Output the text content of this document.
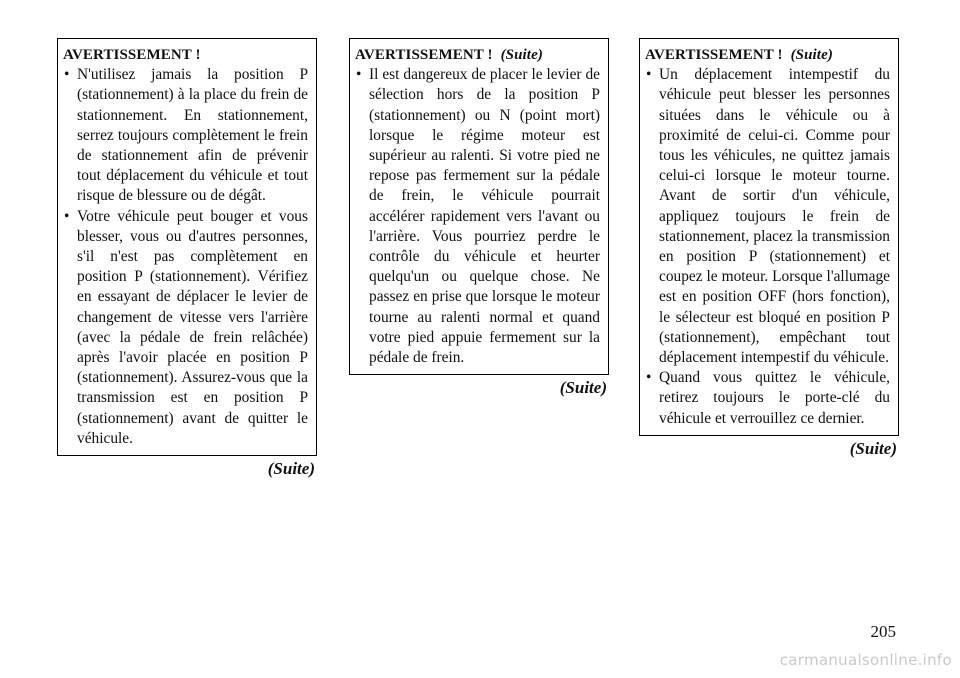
AVERTISSEMENT !
• N'utilisez jamais la position P (stationnement) à la place du frein de stationnement. En stationnement, serrez toujours complètement le frein de stationnement afin de prévenir tout déplacement du véhicule et tout risque de blessure ou de dégât.
• Votre véhicule peut bouger et vous blesser, vous ou d'autres personnes, s'il n'est pas complètement en position P (stationnement). Vérifiez en essayant de déplacer le levier de changement de vitesse vers l'arrière (avec la pédale de frein relâchée) après l'avoir placée en position P (stationnement). Assurez-vous que la transmission est en position P (stationnement) avant de quitter le véhicule.
(Suite)
AVERTISSEMENT ! (Suite)
• Il est dangereux de placer le levier de sélection hors de la position P (stationnement) ou N (point mort) lorsque le régime moteur est supérieur au ralenti. Si votre pied ne repose pas fermement sur la pédale de frein, le véhicule pourrait accélérer rapidement vers l'avant ou l'arrière. Vous pourriez perdre le contrôle du véhicule et heurter quelqu'un ou quelque chose. Ne passez en prise que lorsque le moteur tourne au ralenti normal et quand votre pied appuie fermement sur la pédale de frein.
(Suite)
AVERTISSEMENT ! (Suite)
• Un déplacement intempestif du véhicule peut blesser les personnes situées dans le véhicule ou à proximité de celui-ci. Comme pour tous les véhicules, ne quittez jamais celui-ci lorsque le moteur tourne. Avant de sortir d'un véhicule, appliquez toujours le frein de stationnement, placez la transmission en position P (stationnement) et coupez le moteur. Lorsque l'allumage est en position OFF (hors fonction), le sélecteur est bloqué en position P (stationnement), empêchant tout déplacement intempestif du véhicule.
• Quand vous quittez le véhicule, retirez toujours le porte-clé du véhicule et verrouillez ce dernier.
(Suite)
205
carmanualsonline.info
